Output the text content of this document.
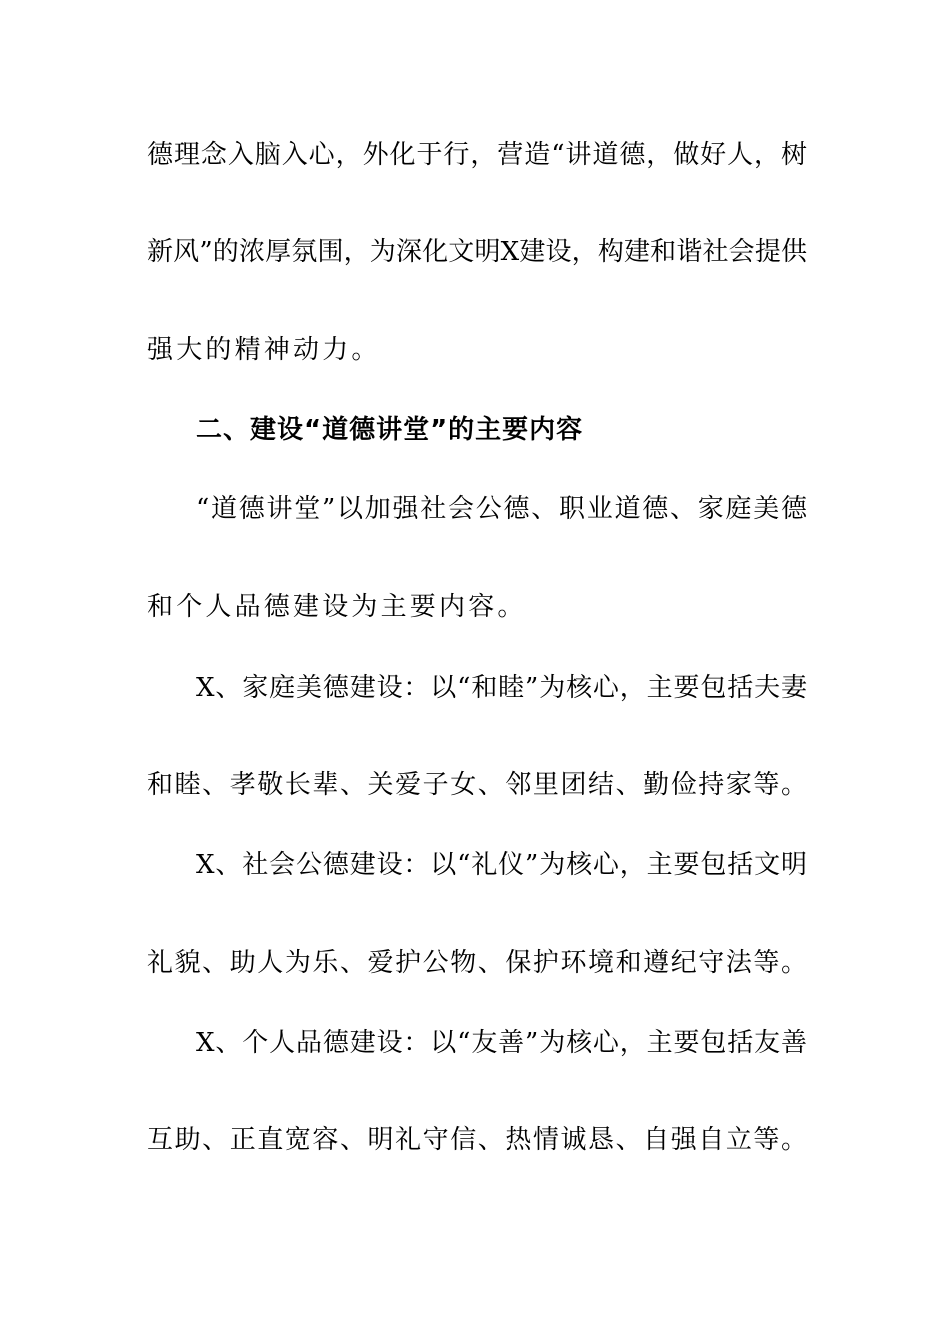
德理念入脑入心，外化于行，营造“讲道德，做好人，树
新风”的浓厚氛围，为深化文明X建设，构建和谐社会提供
强大的精神动力。
二、建设“道德讲堂”的主要内容
“道德讲堂”以加强社会公德、职业道德、家庭美德
和个人品德建设为主要内容。
X、家庭美德建设：以“和睦”为核心，主要包括夫妻
和睦、孝敬长辈、关爱子女、邻里团结、勤俭持家等。
X、社会公德建设：以“礼仪”为核心，主要包括文明
礼貌、助人为乐、爱护公物、保护环境和遵纪守法等。
X、个人品德建设：以“友善”为核心，主要包括友善
互助、正直宽容、明礼守信、热情诚恳、自强自立等。
